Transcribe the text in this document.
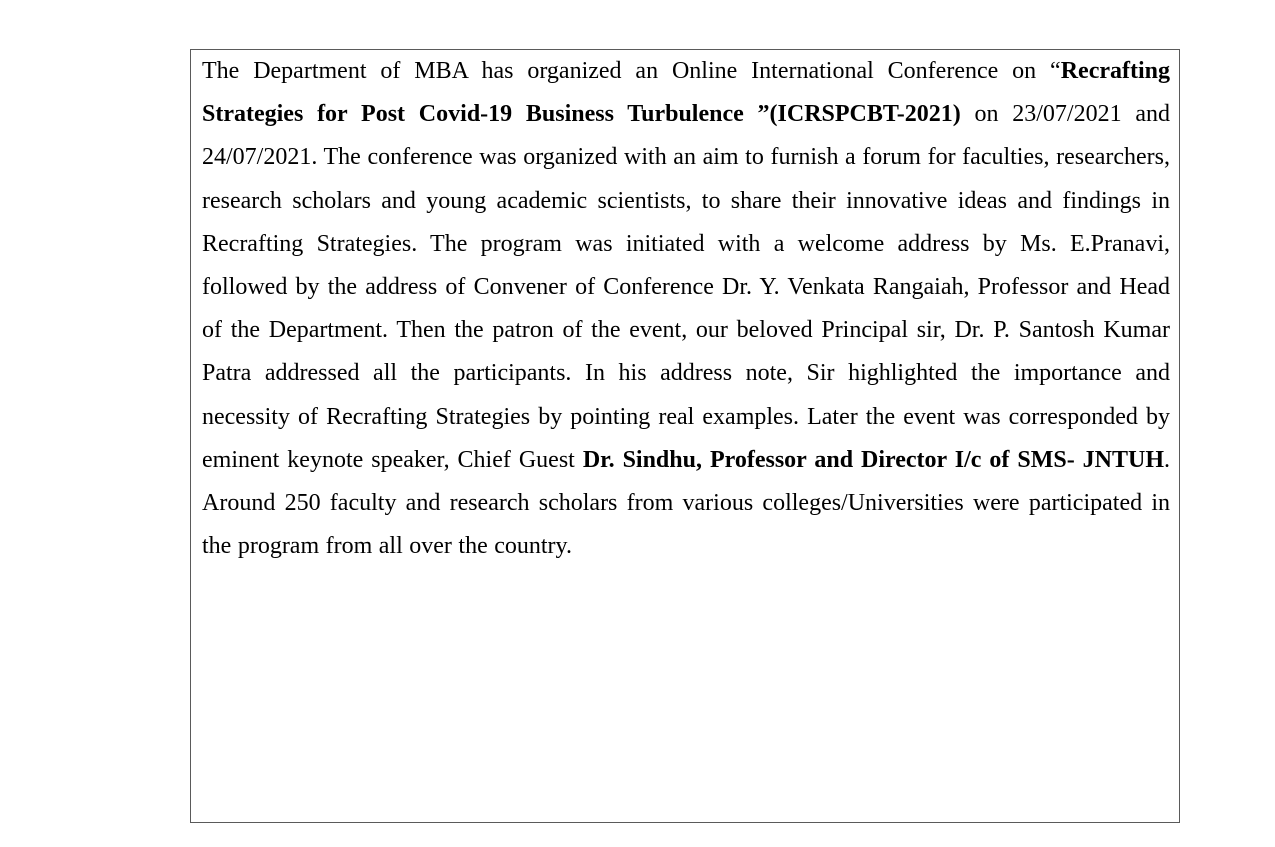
The Department of MBA has organized an Online International Conference on “Recrafting Strategies for Post Covid-19 Business Turbulence ”(ICRSPCBT-2021) on 23/07/2021 and 24/07/2021. The conference was organized with an aim to furnish a forum for faculties, researchers, research scholars and young academic scientists, to share their innovative ideas and findings in Recrafting Strategies. The program was initiated with a welcome address by Ms. E.Pranavi, followed by the address of Convener of Conference Dr. Y. Venkata Rangaiah, Professor and Head of the Department. Then the patron of the event, our beloved Principal sir, Dr. P. Santosh Kumar Patra addressed all the participants. In his address note, Sir highlighted the importance and necessity of Recrafting Strategies by pointing real examples. Later the event was corresponded by eminent keynote speaker, Chief Guest Dr. Sindhu, Professor and Director I/c of SMS- JNTUH. Around 250 faculty and research scholars from various colleges/Universities were participated in the program from all over the country.
